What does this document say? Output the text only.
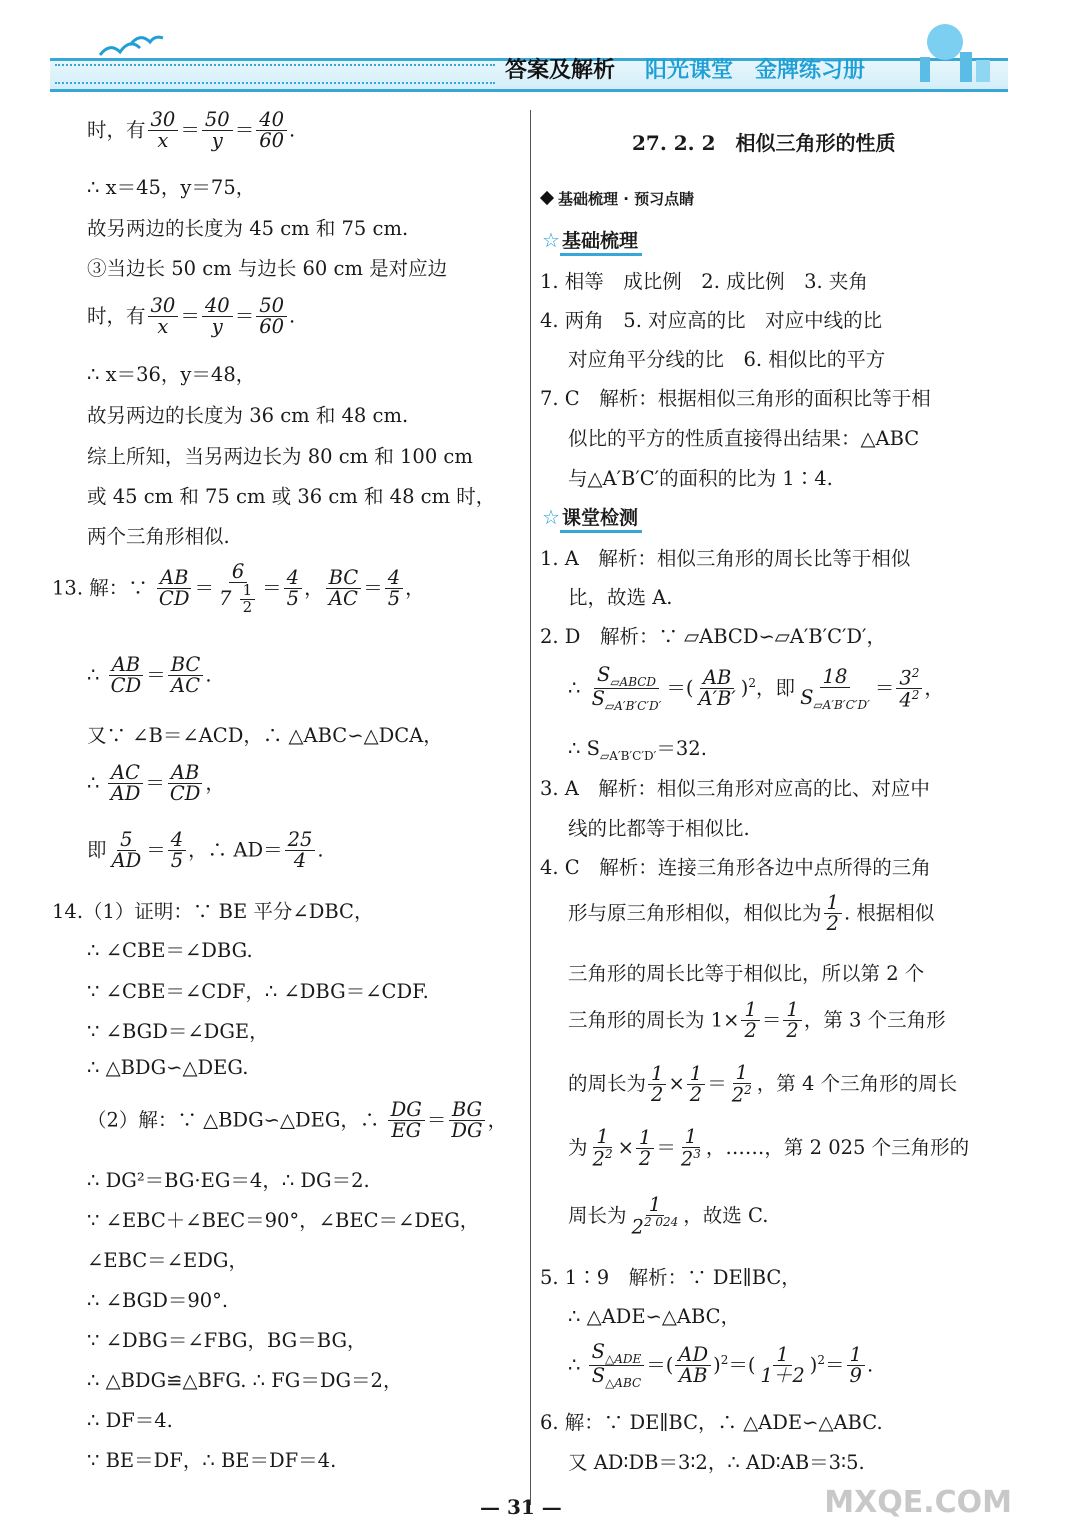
答案及解析 阳光课堂　金牌练习册
时，有 $\frac{30}{x} = \frac{50}{y} = \frac{40}{60}$ .
∴ x＝45，y＝75，
故另两边的长度为 45 cm 和 75 cm.
③当边长 50 cm 与边长 60 cm 是对应边
时，有 $\frac{30}{x} = \frac{40}{y} = \frac{50}{60}$ .
∴ x＝36，y＝48，
故另两边的长度为 36 cm 和 48 cm.
综上所知，当另两边长为 80 cm 和 100 cm
或 45 cm 和 75 cm 或 36 cm 和 48 cm 时，
两个三角形相似.
13. 解：∵ $\frac{AB}{CD} = \frac{6}{7 \frac{1}{2}} = \frac{4}{5}$ ， $\frac{BC}{AC} = \frac{4}{5}$ ，
∴ $\frac{AB}{CD} = \frac{BC}{AC}$ .
又∵ ∠B＝∠ACD，∴ △ABC∽△DCA，
∴ $\frac{AC}{AD} = \frac{AB}{CD}$ ，
即 $\frac{5}{AD} = \frac{4}{5}$ ，∴ $AD= \frac{25}{4}$ .
14.（1）证明：∵ BE 平分∠DBC，
∴ ∠CBE＝∠DBG.
∵ ∠CBE＝∠CDF，∴ ∠DBG＝∠CDF.
∵ ∠BGD＝∠DGE，
∴ △BDG∽△DEG.
（2）解：∵ △BDG∽△DEG，∴ $\frac{DG}{EG} = \frac{BG}{DG}$ ，
∴ DG²＝BG·EG＝4，∴ DG＝2.
∵ ∠EBC＋∠BEC＝90°，∠BEC＝∠DEG，
∠EBC＝∠EDG，
∴ ∠BGD＝90°.
∵ ∠DBG＝∠FBG，BG＝BG，
∴ △BDG≌△BFG. ∴ FG＝DG＝2，
∴ DF＝4.
∵ BE＝DF，∴ BE＝DF＝4.
27. 2. 2　相似三角形的性质
基础梳理 · 预习点睛
☆ 基础梳理
1. 相等　成比例　2. 成比例　3. 夹角
4. 两角　5. 对应高的比　对应中线的比
对应角平分线的比　6. 相似比的平方
7. C　解析：根据相似三角形的面积比等于相
似比的平方的性质直接得出结果：△ABC
与△A′B′C′的面积的比为 1∶4.
☆ 课堂检测
1. A　解析：相似三角形的周长比等于相似
比，故选 A.
2. D　解析：∵ ▱ABCD∽▱A′B′C′D′，
∴ $\frac{S_{▱ABCD}}{S_{▱A'B'C'D'}}$ ＝( $\frac{AB}{A'B'} )^2$，即 $\frac{18}{S_{▱A'B'C'D'}} = \frac{3^2}{4^2}$ ，
∴ $S_{▱A'B'C'D'}=32$.
3. A　解析：相似三角形对应高的比、对应中
线的比都等于相似比.
4. C　解析：连接三角形各边中点所得的三角
形与原三角形相似，相似比为 $\frac{1}{2}$ . 根据相似
三角形的周长比等于相似比，所以第 2 个
三角形的周长为 $1\times \frac{1}{2} = \frac{1}{2}$ ，第 3 个三角形
的周长为 $\frac{1}{2} \times \frac{1}{2} = \frac{1}{2^2}$ ，第 4 个三角形的周长
为 $\frac{1}{2^2} \times \frac{1}{2} = \frac{1}{2^3}$ ，……，第 2 025 个三角形的
周长为 $\frac{1}{2^{2 024}}$ ，故选 C.
5. 1∶9　解析：∵ DE∥BC，
∴ △ADE∽△ABC，
∴ $\frac{S_{\triangle ADE}}{S_{\triangle ABC}}$ ＝( $\frac{AD}{AB} )^2=( \frac{1}{1+2} )^2= \frac{1}{9}$ .
6. 解：∵ DE∥BC，∴ △ADE∽△ABC.
又 AD∶DB＝3∶2，∴ AD∶AB＝3∶5.
— 31 —	MXQE.COM
